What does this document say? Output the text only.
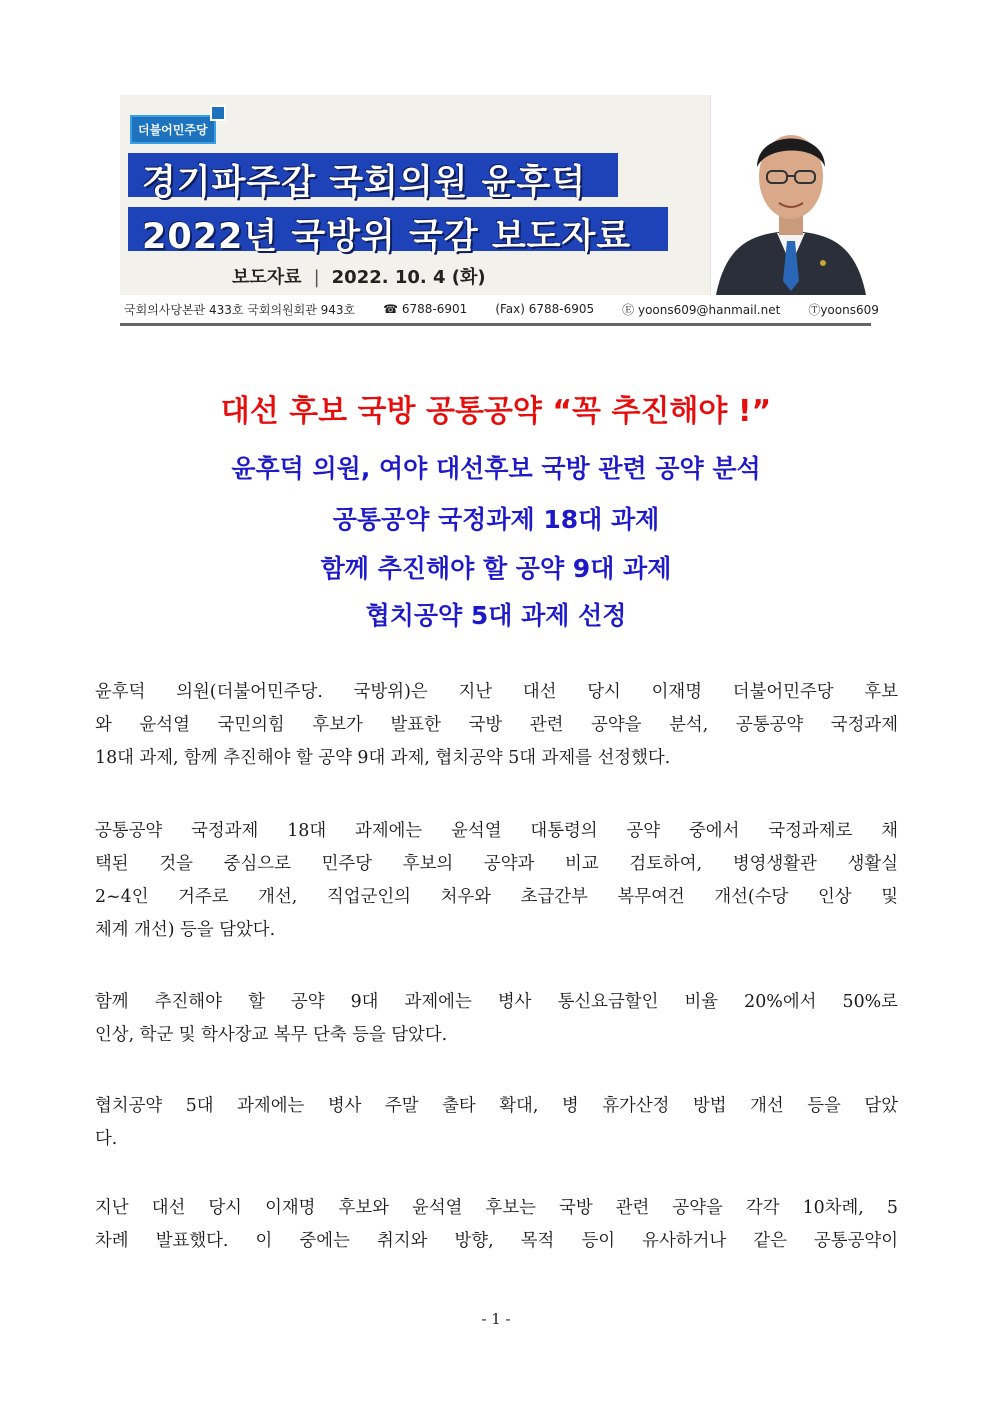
더불어민주당
경기파주갑 국회의원 윤후덕
2022년 국방위 국감 보도자료
보도자료 | 2022. 10. 4 (화)
국회의사당본관 433호 국회의원회관 943호 ☎ 6788-6901 (Fax) 6788-6905 Ⓔ yoons609@hanmail.net Ⓣyoons609
대선 후보 국방 공통공약 “꼭 추진해야 !”
윤후덕 의원, 여야 대선후보 국방 관련 공약 분석
공통공약 국정과제 18대 과제
함께 추진해야 할 공약 9대 과제
협치공약 5대 과제 선정
윤후덕 의원(더불어민주당. 국방위)은 지난 대선 당시 이재명 더불어민주당 후보
와 윤석열 국민의힘 후보가 발표한 국방 관련 공약을 분석, 공통공약 국정과제
18대 과제, 함께 추진해야 할 공약 9대 과제, 협치공약 5대 과제를 선정했다.
공통공약 국정과제 18대 과제에는 윤석열 대통령의 공약 중에서 국정과제로 채
택된 것을 중심으로 민주당 후보의 공약과 비교 검토하여, 병영생활관 생활실
2~4인 거주로 개선, 직업군인의 처우와 초급간부 복무여건 개선(수당 인상 및
체계 개선) 등을 담았다.
함께 추진해야 할 공약 9대 과제에는 병사 통신요금할인 비율 20%에서 50%로
인상, 학군 및 학사장교 복무 단축 등을 담았다.
협치공약 5대 과제에는 병사 주말 출타 확대, 병 휴가산정 방법 개선 등을 담았
다.
지난 대선 당시 이재명 후보와 윤석열 후보는 국방 관련 공약을 각각 10차례, 5
차례 발표했다. 이 중에는 취지와 방향, 목적 등이 유사하거나 같은 공통공약이
- 1 -
